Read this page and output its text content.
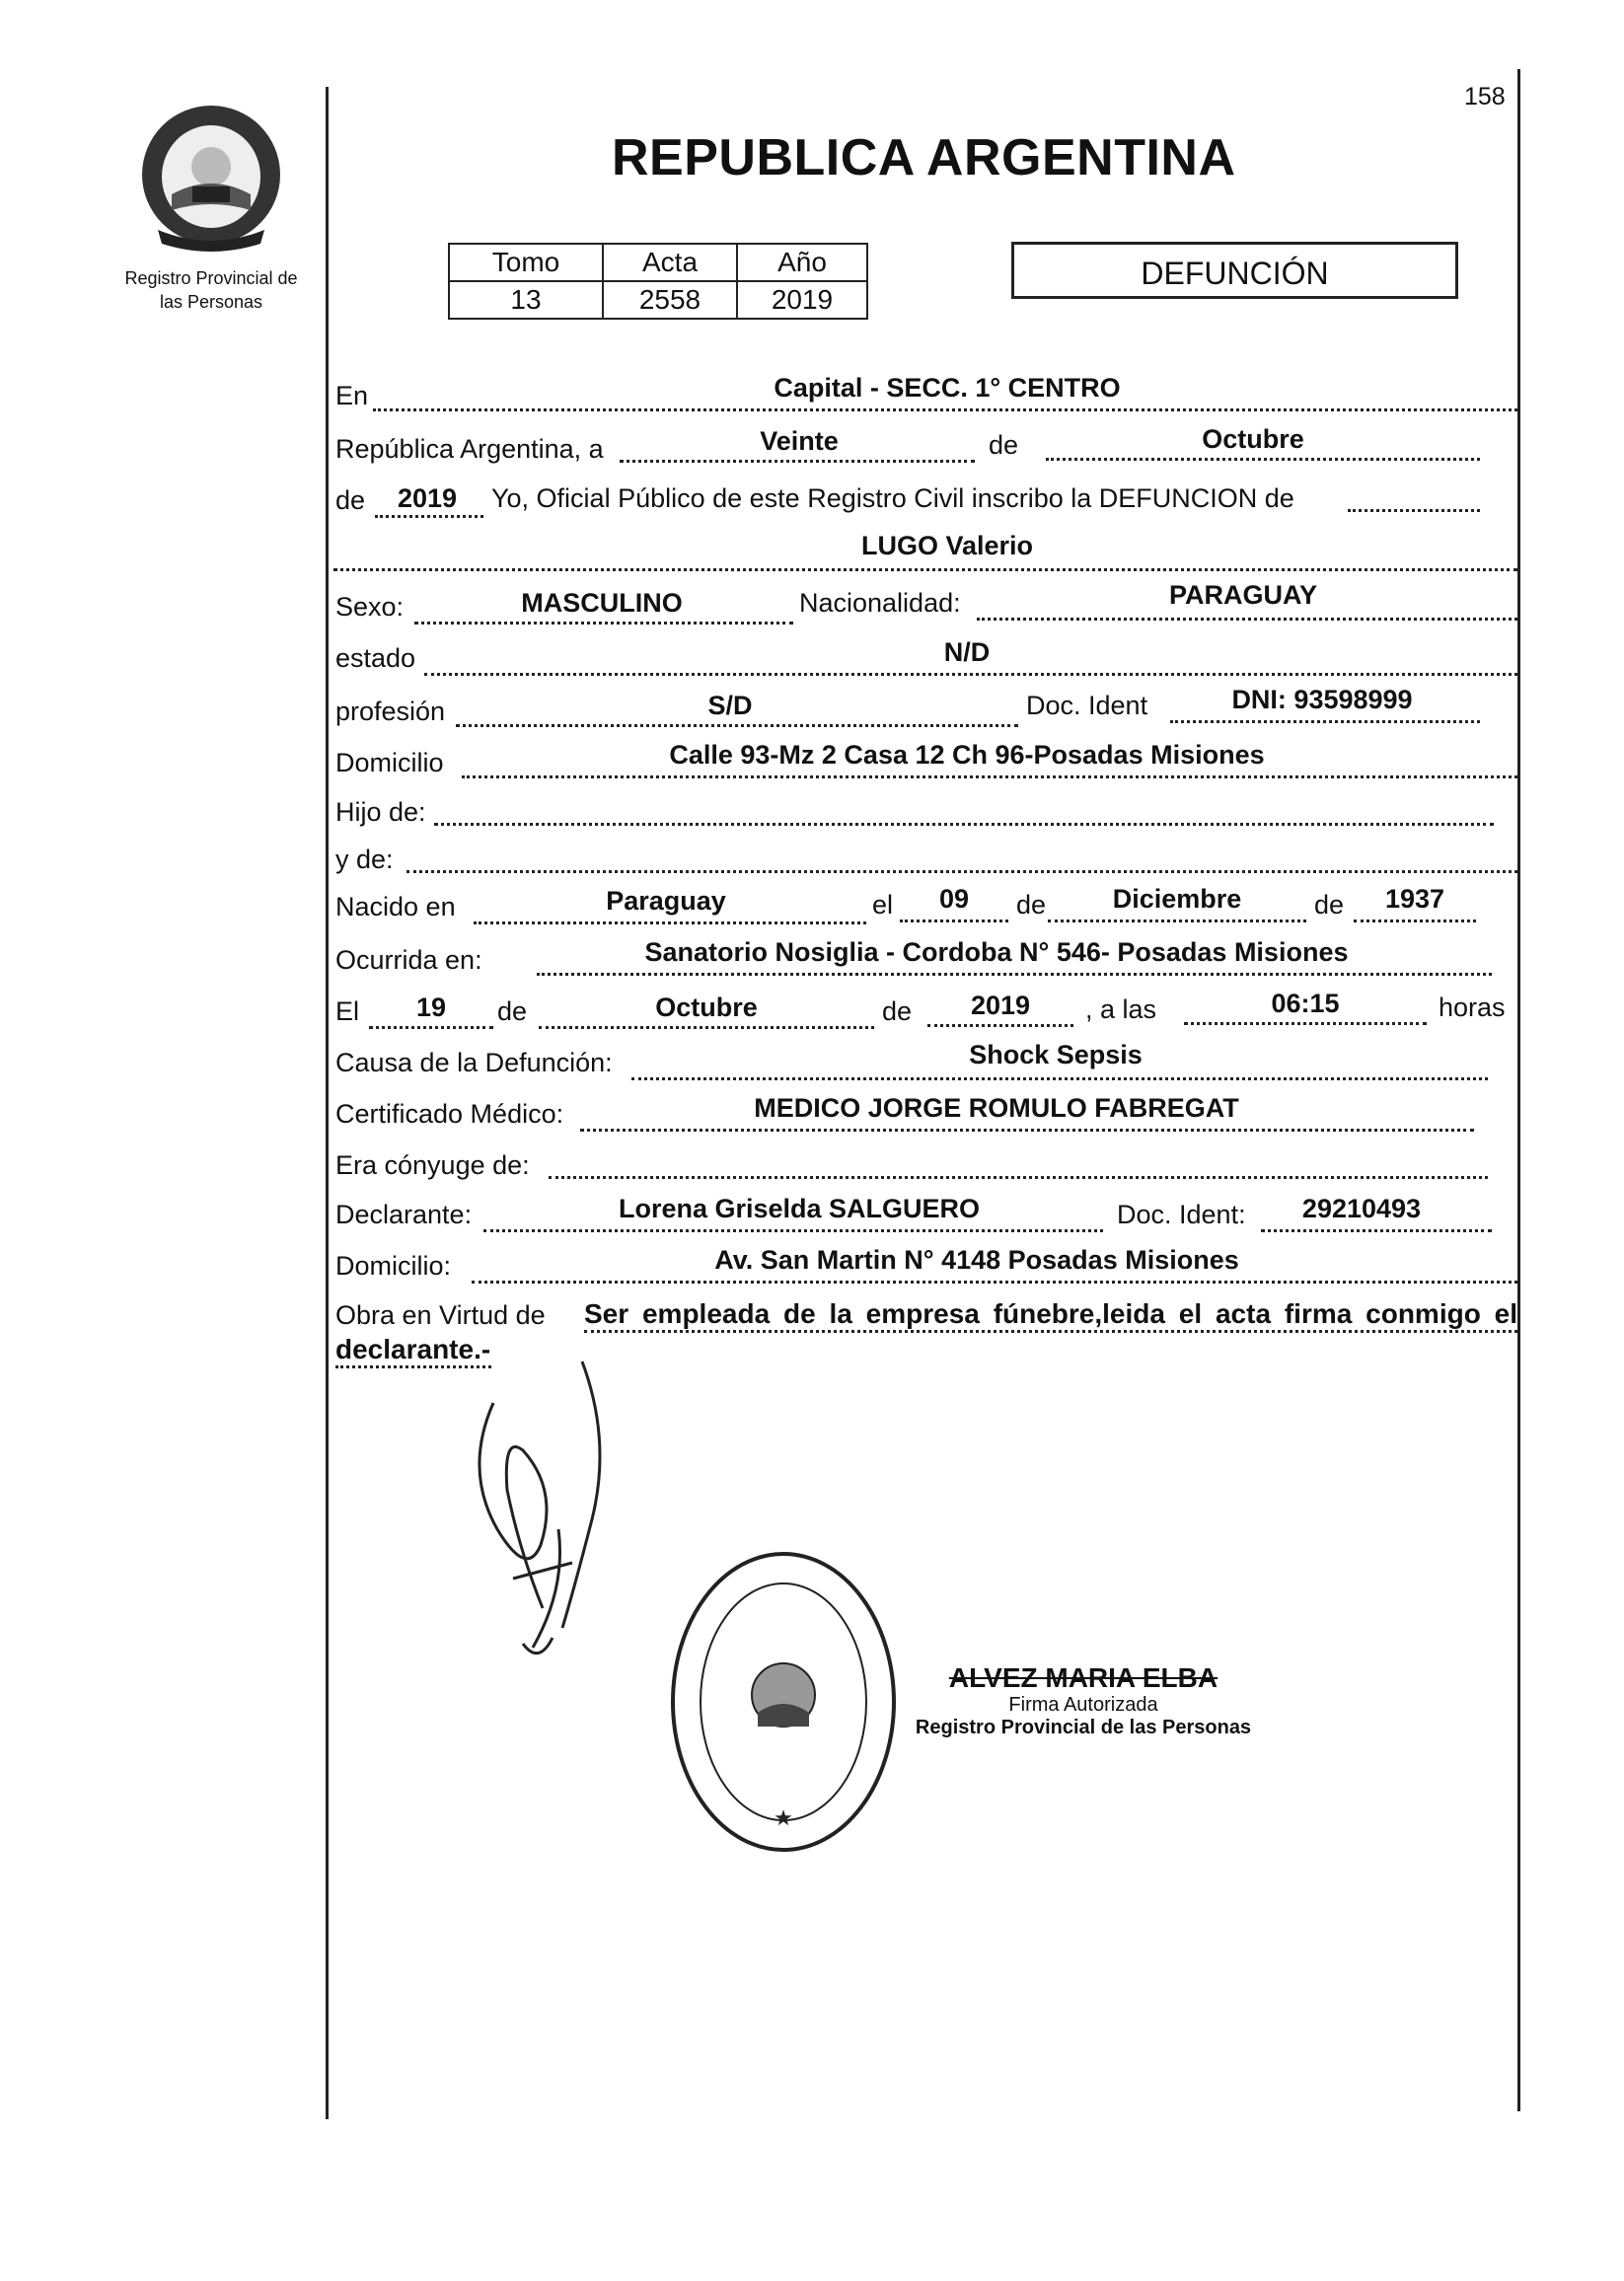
158
Registro Provincial de
las Personas
REPUBLICA ARGENTINA
Tomo	Acta	Año
13	2558	2019
DEFUNCIÓN
En	Capital - SECC. 1° CENTRO
República Argentina, a	Veinte	de	Octubre
de	2019	Yo, Oficial Público de este Registro Civil inscribo la DEFUNCION de
LUGO Valerio
Sexo:	MASCULINO	Nacionalidad:	PARAGUAY
estado	N/D
profesión	S/D	Doc. Ident	DNI: 93598999
Domicilio	Calle 93-Mz 2 Casa 12 Ch 96-Posadas Misiones
Hijo de:
y de:
Nacido en	Paraguay	el	09	de	Diciembre	de	1937
Ocurrida en:	Sanatorio Nosiglia - Cordoba N° 546- Posadas Misiones
El	19	de	Octubre	de	2019	, a las	06:15	horas
Causa de la Defunción:	Shock Sepsis
Certificado Médico:	MEDICO JORGE ROMULO FABREGAT
Era cónyuge de:
Declarante:	Lorena Griselda SALGUERO	Doc. Ident:	29210493
Domicilio:	Av. San Martin N° 4148 Posadas Misiones
Obra en Virtud de Ser empleada de la empresa fúnebre,leida el acta firma conmigo el
declarante.-
★
ALVEZ MARIA ELBA
Firma Autorizada
Registro Provincial de las Personas
